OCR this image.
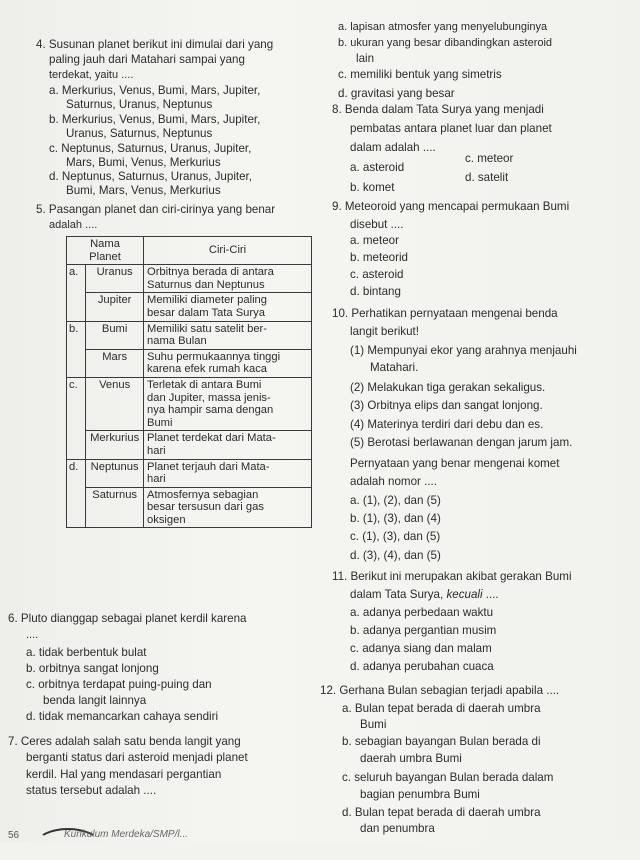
4. Susunan planet berikut ini dimulai dari yang
paling jauh dari Matahari sampai yang
terdekat, yaitu ....
a. Merkurius, Venus, Bumi, Mars, Jupiter,
Saturnus, Uranus, Neptunus
b. Merkurius, Venus, Bumi, Mars, Jupiter,
Uranus, Saturnus, Neptunus
c. Neptunus, Saturnus, Uranus, Jupiter,
Mars, Bumi, Venus, Merkurius
d. Neptunus, Saturnus, Uranus, Jupiter,
Bumi, Mars, Venus, Merkurius
5. Pasangan planet dan ciri-cirinya yang benar
adalah ....
Nama
Planet		Ciri-Ciri
a.	Uranus	Orbitnya berada di antara
Saturnus dan Neptunus
	Jupiter	Memiliki diameter paling
besar dalam Tata Surya
b.	Bumi	Memiliki satu satelit ber-
nama Bulan
	Mars	Suhu permukaannya tinggi
karena efek rumah kaca
c.	Venus	Terletak di antara Bumi
dan Jupiter, massa jenis-
nya hampir sama dengan
Bumi
	Merkurius	Planet terdekat dari Mata-
hari
d.	Neptunus	Planet terjauh dari Mata-
hari
	Saturnus	Atmosfernya sebagian
besar tersusun dari gas
oksigen
6. Pluto dianggap sebagai planet kerdil karena
....
a. tidak berbentuk bulat
b. orbitnya sangat lonjong
c. orbitnya terdapat puing-puing dan
benda langit lainnya
d. tidak memancarkan cahaya sendiri
7. Ceres adalah salah satu benda langit yang
berganti status dari asteroid menjadi planet
kerdil. Hal yang mendasari pergantian
status tersebut adalah ....
a. lapisan atmosfer yang menyelubunginya
b. ukuran yang besar dibandingkan asteroid
lain
c. memiliki bentuk yang simetris
d. gravitasi yang besar
8. Benda dalam Tata Surya yang menjadi
pembatas antara planet luar dan planet
dalam adalah ....
a. asteroid
c. meteor
b. komet
d. satelit
9. Meteoroid yang mencapai permukaan Bumi
disebut ....
a. meteor
b. meteorid
c. asteroid
d. bintang
10. Perhatikan pernyataan mengenai benda
langit berikut!
(1) Mempunyai ekor yang arahnya menjauhi
Matahari.
(2) Melakukan tiga gerakan sekaligus.
(3) Orbitnya elips dan sangat lonjong.
(4) Materinya terdiri dari debu dan es.
(5) Berotasi berlawanan dengan jarum jam.
Pernyataan yang benar mengenai komet
adalah nomor ....
a. (1), (2), dan (5)
b. (1), (3), dan (4)
c. (1), (3), dan (5)
d. (3), (4), dan (5)
11. Berikut ini merupakan akibat gerakan Bumi
dalam Tata Surya, kecuali ....
a. adanya perbedaan waktu
b. adanya pergantian musim
c. adanya siang dan malam
d. adanya perubahan cuaca
12. Gerhana Bulan sebagian terjadi apabila ....
a. Bulan tepat berada di daerah umbra
Bumi
b. sebagian bayangan Bulan berada di
daerah umbra Bumi
c. seluruh bayangan Bulan berada dalam
bagian penumbra Bumi
d. Bulan tepat berada di daerah umbra
dan penumbra
56	Kurikulum Merdeka/SMP/l...
